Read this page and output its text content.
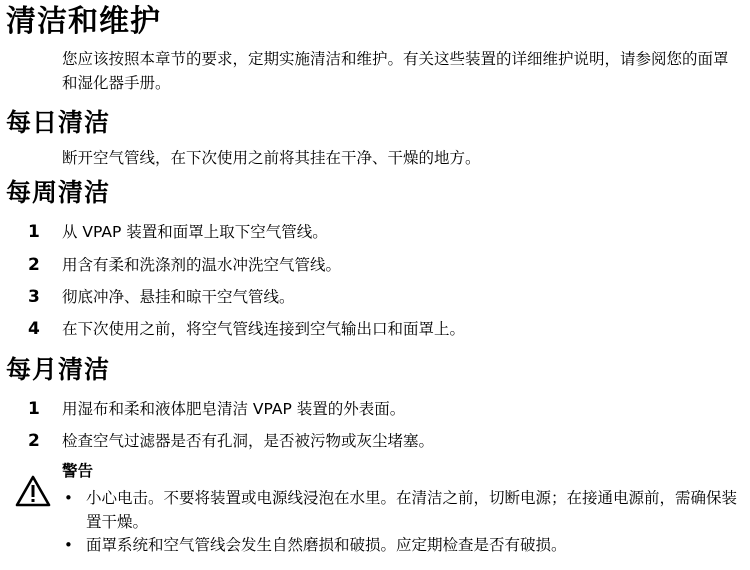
清洁和维护

您应该按照本章节的要求，定期实施清洁和维护。有关这些装置的详细维护说明，请参阅您的面罩和湿化器手册。

每日清洁

断开空气管线，在下次使用之前将其挂在干净、干燥的地方。

每周清洁
1 从 VPAP 装置和面罩上取下空气管线。
2 用含有柔和洗涤剂的温水冲洗空气管线。
3 彻底冲净、悬挂和晾干空气管线。
4 在下次使用之前，将空气管线连接到空气输出口和面罩上。
每月清洁
1 用湿布和柔和液体肥皂清洁 VPAP 装置的外表面。
2 检查空气过滤器是否有孔洞，是否被污物或灰尘堵塞。
警告
• 小心电击。不要将装置或电源线浸泡在水里。在清洁之前，切断电源；在接通电源前，需确保装置干燥。
• 面罩系统和空气管线会发生自然磨损和破损。应定期检查是否有破损。
